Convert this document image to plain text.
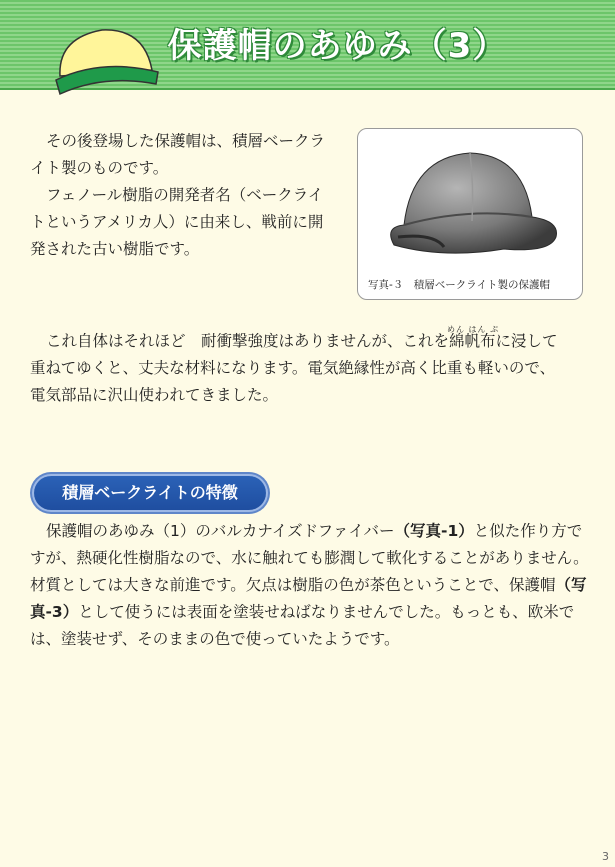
保護帽のあゆみ（3）

その後登場した保護帽は、積層ベークラ
イト製のものです。
フェノール樹脂の開発者名（ベークライ
トというアメリカ人）に由来し、戦前に開
発された古い樹脂です。

写真-３　積層ベークライト製の保護帽

これ自体はそれほど　耐衝撃強度はありませんが、これを
めん はん ぷ
綿帆布に浸して
重ねてゆくと、丈夫な材料になります。電気絶縁性が高く比重も軽いので、
電気部品に沢山使われてきました。

積層ベークライトの特徴

保護帽のあゆみ（1）のバルカナイズドファイバー（写真-1）と似た作り方ですが、熱硬化性樹脂なので、水に触れても膨潤して軟化することがありません。材質としては大きな前進です。欠点は樹脂の色が茶色ということで、保護帽（写真-3）として使うには表面を塗装せねばなりませんでした。もっとも、欧米では、塗装せず、そのままの色で使っていたようです。

3
